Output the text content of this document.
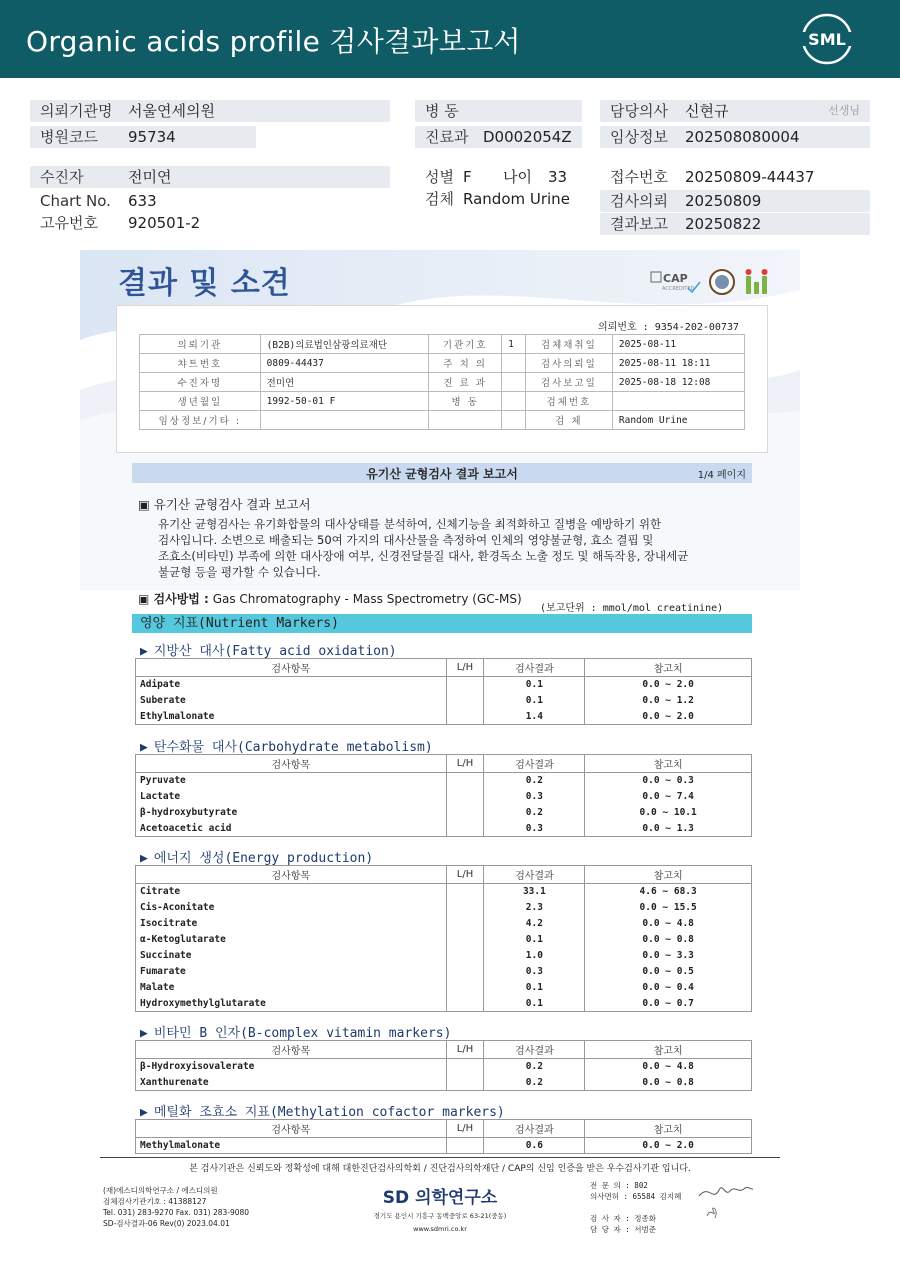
Organic acids profile 검사결과보고서	SML
의뢰기관명 서울연세의원
병원코드 95734
병 동
진료과 D0002054Z
담당의사 신현규	선생님
임상정보 202508080004
수진자	전미연
Chart No. 633
고유번호 920501-2
성별 F 나이 33
검체 Random Urine
접수번호 20250809-44437
검사의뢰 20250809
결과보고 20250822
결과 및 소견	CAP
ACCREDITED
의뢰번호 : 9354-202-00737
의뢰기관	(B2B)의료법인삼광의료재단	기관기호	1	검체채취일	2025-08-11
챠트번호	0809-44437	주 치 의		검사의뢰일	2025-08-11 18:11
수진자명	전미연	진 료 과		검사보고일	2025-08-18 12:08
생년월일	1992-50-01 F	병 동		검체번호	
임상정보/기타 :				검 체	Random Urine
유기산 균형검사 결과 보고서	1/4 페이지
▣ 유기산 균형검사 결과 보고서
유기산 균형검사는 유기화합물의 대사상태를 분석하여, 신체기능을 최적화하고 질병을 예방하기 위한
검사입니다. 소변으로 배출되는 50여 가지의 대사산물을 측정하여 인체의 영양불균형, 효소 결핍 및
조효소(비타민) 부족에 의한 대사장애 여부, 신경전달물질 대사, 환경독소 노출 정도 및 해독작용, 장내세균
불균형 등을 평가할 수 있습니다.
▣ 검사방법 : Gas Chromatography - Mass Spectrometry (GC-MS)
(보고단위 : mmol/mol creatinine)
영양 지표(Nutrient Markers)
▶ 지방산 대사(Fatty acid oxidation)
검사항목	L/H	검사결과	참고치
Adipate		0.1	0.0 ~ 2.0
Suberate		0.1	0.0 ~ 1.2
Ethylmalonate		1.4	0.0 ~ 2.0
▶ 탄수화물 대사(Carbohydrate metabolism)
검사항목	L/H	검사결과	참고치
Pyruvate		0.2	0.0 ~ 0.3
Lactate		0.3	0.0 ~ 7.4
β-hydroxybutyrate		0.2	0.0 ~ 10.1
Acetoacetic acid		0.3	0.0 ~ 1.3
▶ 에너지 생성(Energy production)
검사항목	L/H	검사결과	참고치
Citrate		33.1	4.6 ~ 68.3
Cis-Aconitate		2.3	0.0 ~ 15.5
Isocitrate		4.2	0.0 ~ 4.8
α-Ketoglutarate		0.1	0.0 ~ 0.8
Succinate		1.0	0.0 ~ 3.3
Fumarate		0.3	0.0 ~ 0.5
Malate		0.1	0.0 ~ 0.4
Hydroxymethylglutarate		0.1	0.0 ~ 0.7
▶ 비타민 B 인자(B-complex vitamin markers)
검사항목	L/H	검사결과	참고치
β-Hydroxyisovalerate		0.2	0.0 ~ 4.8
Xanthurenate		0.2	0.0 ~ 0.8
▶ 메틸화 조효소 지표(Methylation cofactor markers)
검사항목	L/H	검사결과	참고치
Methylmalonate		0.6	0.0 ~ 2.0
본 검사기관은 신뢰도와 정확성에 대해 대한진단검사의학회 / 진단검사의학재단 / CAP의 신임 인증을 받은 우수검사기관 입니다.
(재)에스디의학연구소 / 에스디의원
검체검사기관기호 : 41388127
Tel. 031) 283-9270 Fax. 031) 283-9080
SD-검사결과-06 Rev(0) 2023.04.01
SD 의학연구소
경기도 용인시 기흥구 동백중앙로 63-21(중동)
www.sdmri.co.kr
전 문 의 : 802
의사면허 : 65584 김지혜

검 사 자 : 정종화
담 당 자 : 서범준
